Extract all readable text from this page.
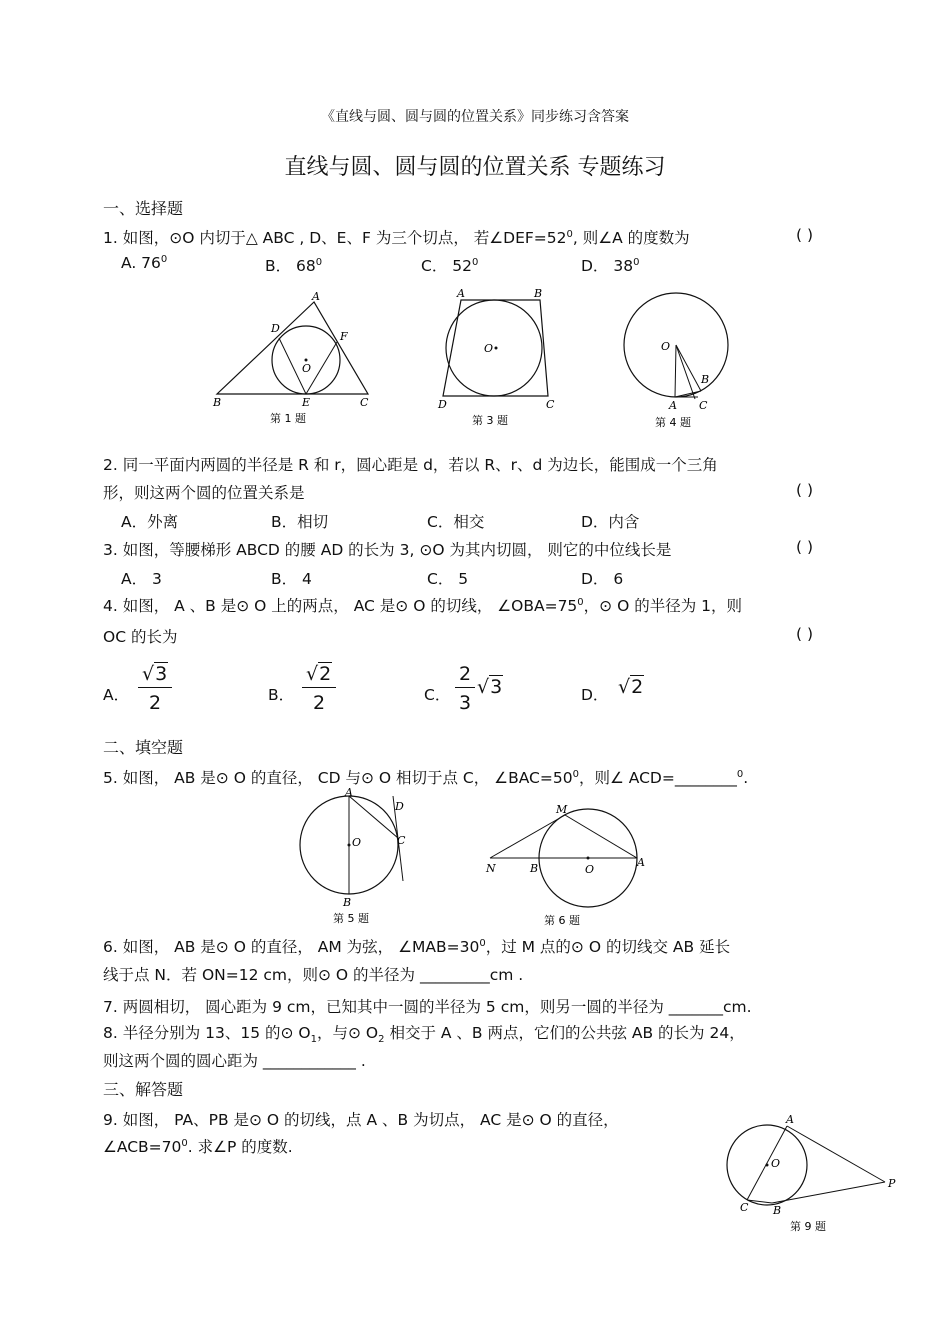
《直线与圆、圆与圆的位置关系》同步练习含答案
直线与圆、圆与圆的位置关系 专题练习
一、选择题
1. 如图，⊙O 内切于△ ABC , D、E、F 为三个切点， 若$\angle DEF=52^0$, 则∠A 的度数为	( )
A. $76^0$	B． $68^0$	C． $52^0$	D． $38^0$
A
B	C
D
E
F
O
第 1 题
A	B
C
D
O
第 3 题
O
A
B
C
第 4 题
2. 同一平面内两圆的半径是 R 和 r，圆心距是 d，若以 R、r、d 为边长，能围成一个三角
形，则这两个圆的位置关系是	( )
A．外离	B．相切	C．相交	D．内含
3. 如图，等腰梯形 ABCD 的腰 AD 的长为 3, ⊙O 为其内切圆， 则它的中位线长是	( )
A． 3	B． 4	C． 5	D． 6
4. 如图， A 、B 是⊙ O 上的两点， AC 是⊙ O 的切线， $\angle OBA=75^0$，⊙ O 的半径为 1，则
OC 的长为	( )
A． $\frac{√3}{2}$	B． $\frac{√2}{2}$	C． $\frac{2}{3} √3$	D． √2
二、填空题
5. 如图， AB 是⊙ O 的直径， CD 与⊙ O 相切于点 C， $\angle BAC=50^0$，则∠ ACD=________$^0$.
A
B
C
D
O
第 5 题
M
N	B	O
A
第 6 题
6. 如图， AB 是⊙ O 的直径， AM 为弦， $\angle MAB=30^0$，过 M 点的⊙ O 的切线交 AB 延长
线于点 N．若 ON=12 cm，则⊙ O 的半径为 _________cm .
7. 两圆相切， 圆心距为 9 cm，已知其中一圆的半径为 5 cm，则另一圆的半径为 _______cm.
8. 半径分别为 13、15 的⊙ $O_1$，与⊙ $O_2$ 相交于 A 、B 两点，它们的公共弦 AB 的长为 24，
则这两个圆的圆心距为 ____________ .
三、解答题
9. 如图， PA、PB 是⊙ O 的切线，点 A 、B 为切点， AC 是⊙ O 的直径，
$\angle ACB=70^0$. 求∠P 的度数.
A
O
C B
P
第 9 题
